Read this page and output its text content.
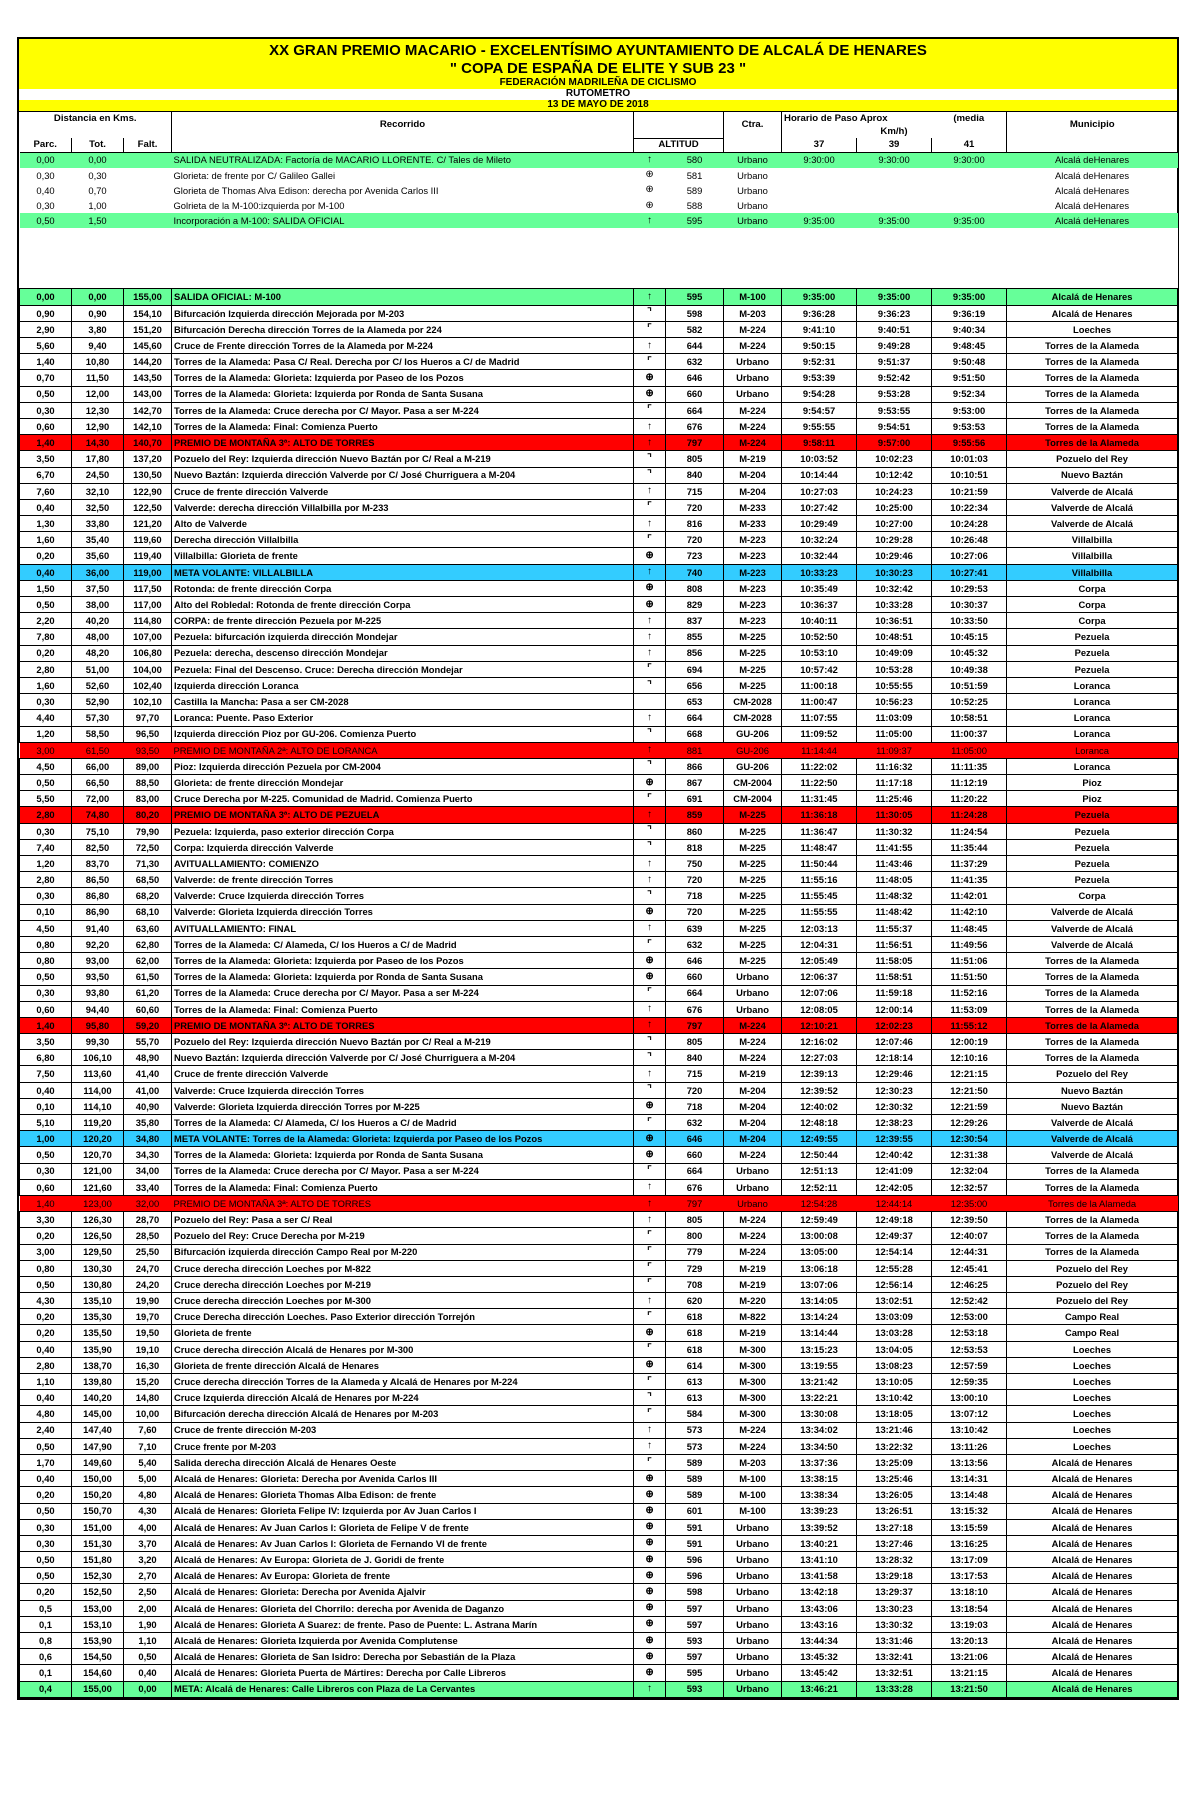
XX GRAN PREMIO MACARIO - EXCELENTÍSIMO AYUNTAMIENTO DE ALCALÁ DE HENARES
" COPA DE ESPAÑA DE ELITE Y SUB 23 "
FEDERACIÓN MADRILEÑA DE CICLISMO
RUTOMETRO
13 DE MAYO DE 2018
Distancia en Kms.			Recorrido			Ctra.	Horario de Paso Aprox		(media	Municipio
							Km/h)			
Parc.	Tot.	Falt.		ALTITUD			37	39	41	
0,00	0,00		SALIDA NEUTRALIZADA: Factoría de MACARIO LLORENTE. C/ Tales de Mileto	↑	580	Urbano	9:30:00	9:30:00	9:30:00	Alcalá deHenares
0,30	0,30		Glorieta: de frente por C/ Galileo Gallei	⊕	581	Urbano				Alcalá deHenares
0,40	0,70		Glorieta de Thomas Alva Edison: derecha por Avenida Carlos III	⊕	589	Urbano				Alcalá deHenares
0,30	1,00		Golrieta de la M-100:izquierda por M-100	⊕	588	Urbano				Alcalá deHenares
0,50	1,50		Incorporación a M-100: SALIDA OFICIAL	↑	595	Urbano	9:35:00	9:35:00	9:35:00	Alcalá deHenares

0,00	0,00	155,00	SALIDA OFICIAL: M-100	↑	595	M-100	9:35:00	9:35:00	9:35:00	Alcalá de Henares
0,90	0,90	154,10	Bifurcación Izquierda dirección Mejorada por M-203	⌝	598	M-203	9:36:28	9:36:23	9:36:19	Alcalá de Henares
2,90	3,80	151,20	Bifurcación Derecha dirección Torres de la Alameda por 224	⌜	582	M-224	9:41:10	9:40:51	9:40:34	Loeches
5,60	9,40	145,60	Cruce de Frente dirección Torres de la Alameda por M-224	↑	644	M-224	9:50:15	9:49:28	9:48:45	Torres de la Alameda
1,40	10,80	144,20	Torres de la Alameda: Pasa C/ Real. Derecha por C/ los Hueros a C/ de Madrid	⌜	632	Urbano	9:52:31	9:51:37	9:50:48	Torres de la Alameda
0,70	11,50	143,50	Torres de la Alameda: Glorieta: Izquierda por Paseo de los Pozos	⊕	646	Urbano	9:53:39	9:52:42	9:51:50	Torres de la Alameda
0,50	12,00	143,00	Torres de la Alameda: Glorieta: Izquierda por Ronda de Santa Susana	⊕	660	Urbano	9:54:28	9:53:28	9:52:34	Torres de la Alameda
0,30	12,30	142,70	Torres de la Alameda: Cruce derecha por C/ Mayor. Pasa a ser M-224	⌜	664	M-224	9:54:57	9:53:55	9:53:00	Torres de la Alameda
0,60	12,90	142,10	Torres de la Alameda: Final: Comienza Puerto	↑	676	M-224	9:55:55	9:54:51	9:53:53	Torres de la Alameda
1,40	14,30	140,70	PREMIO DE MONTAÑA 3ª: ALTO DE TORRES	↑	797	M-224	9:58:11	9:57:00	9:55:56	Torres de la Alameda
3,50	17,80	137,20	Pozuelo del Rey: Izquierda dirección Nuevo Baztán por C/ Real a M-219	⌝	805	M-219	10:03:52	10:02:23	10:01:03	Pozuelo del Rey
6,70	24,50	130,50	Nuevo Baztán: Izquierda dirección Valverde por C/ José Churriguera a M-204	⌝	840	M-204	10:14:44	10:12:42	10:10:51	Nuevo Baztán
7,60	32,10	122,90	Cruce de frente dirección Valverde	↑	715	M-204	10:27:03	10:24:23	10:21:59	Valverde de Alcalá
0,40	32,50	122,50	Valverde: derecha dirección Villalbilla por M-233	⌜	720	M-233	10:27:42	10:25:00	10:22:34	Valverde de Alcalá
1,30	33,80	121,20	Alto de Valverde	↑	816	M-233	10:29:49	10:27:00	10:24:28	Valverde de Alcalá
1,60	35,40	119,60	Derecha dirección Villalbilla	⌜	720	M-223	10:32:24	10:29:28	10:26:48	Villalbilla
0,20	35,60	119,40	Villalbilla: Glorieta de frente	⊕	723	M-223	10:32:44	10:29:46	10:27:06	Villalbilla
0,40	36,00	119,00	META VOLANTE: VILLALBILLA	↑	740	M-223	10:33:23	10:30:23	10:27:41	Villalbilla
1,50	37,50	117,50	Rotonda: de frente dirección Corpa	⊕	808	M-223	10:35:49	10:32:42	10:29:53	Corpa
0,50	38,00	117,00	Alto del Robledal: Rotonda de frente dirección Corpa	⊕	829	M-223	10:36:37	10:33:28	10:30:37	Corpa
2,20	40,20	114,80	CORPA: de frente dirección Pezuela por M-225	↑	837	M-223	10:40:11	10:36:51	10:33:50	Corpa
7,80	48,00	107,00	Pezuela: bifurcación izquierda dirección Mondejar	↑	855	M-225	10:52:50	10:48:51	10:45:15	Pezuela
0,20	48,20	106,80	Pezuela: derecha, descenso dirección Mondejar	↑	856	M-225	10:53:10	10:49:09	10:45:32	Pezuela
2,80	51,00	104,00	Pezuela: Final del Descenso. Cruce: Derecha dirección Mondejar	⌜	694	M-225	10:57:42	10:53:28	10:49:38	Pezuela
1,60	52,60	102,40	Izquierda dirección Loranca	⌝	656	M-225	11:00:18	10:55:55	10:51:59	Loranca
0,30	52,90	102,10	Castilla la Mancha: Pasa a ser CM-2028		653	CM-2028	11:00:47	10:56:23	10:52:25	Loranca
4,40	57,30	97,70	Loranca: Puente. Paso Exterior	↑	664	CM-2028	11:07:55	11:03:09	10:58:51	Loranca
1,20	58,50	96,50	Izquierda dirección Pioz por GU-206. Comienza Puerto	⌝	668	GU-206	11:09:52	11:05:00	11:00:37	Loranca
3,00	61,50	93,50	PREMIO DE MONTAÑA 2ª: ALTO DE LORANCA	↑	881	GU-206	11:14:44	11:09:37	11:05:00	Loranca
4,50	66,00	89,00	Pioz: Izquierda dirección Pezuela por CM-2004	⌝	866	GU-206	11:22:02	11:16:32	11:11:35	Loranca
0,50	66,50	88,50	Glorieta: de frente dirección Mondejar	⊕	867	CM-2004	11:22:50	11:17:18	11:12:19	Pioz
5,50	72,00	83,00	Cruce Derecha por M-225. Comunidad de Madrid. Comienza Puerto	⌜	691	CM-2004	11:31:45	11:25:46	11:20:22	Pioz
2,80	74,80	80,20	PREMIO DE MONTAÑA 3ª: ALTO DE PEZUELA	↑	859	M-225	11:36:18	11:30:05	11:24:28	Pezuela
0,30	75,10	79,90	Pezuela: Izquierda, paso exterior dirección Corpa	⌝	860	M-225	11:36:47	11:30:32	11:24:54	Pezuela
7,40	82,50	72,50	Corpa: Izquierda dirección Valverde	⌝	818	M-225	11:48:47	11:41:55	11:35:44	Pezuela
1,20	83,70	71,30	AVITUALLAMIENTO: COMIENZO	↑	750	M-225	11:50:44	11:43:46	11:37:29	Pezuela
2,80	86,50	68,50	Valverde: de frente dirección Torres	↑	720	M-225	11:55:16	11:48:05	11:41:35	Pezuela
0,30	86,80	68,20	Valverde: Cruce Izquierda dirección Torres	⌝	718	M-225	11:55:45	11:48:32	11:42:01	Corpa
0,10	86,90	68,10	Valverde: Glorieta Izquierda dirección Torres	⊕	720	M-225	11:55:55	11:48:42	11:42:10	Valverde de Alcalá
4,50	91,40	63,60	AVITUALLAMIENTO: FINAL	↑	639	M-225	12:03:13	11:55:37	11:48:45	Valverde de Alcalá
0,80	92,20	62,80	Torres de la Alameda: C/ Alameda, C/ los Hueros a C/ de Madrid	⌜	632	M-225	12:04:31	11:56:51	11:49:56	Valverde de Alcalá
0,80	93,00	62,00	Torres de la Alameda: Glorieta: Izquierda por Paseo de los Pozos	⊕	646	M-225	12:05:49	11:58:05	11:51:06	Torres de la Alameda
0,50	93,50	61,50	Torres de la Alameda: Glorieta: Izquierda por Ronda de Santa Susana	⊕	660	Urbano	12:06:37	11:58:51	11:51:50	Torres de la Alameda
0,30	93,80	61,20	Torres de la Alameda: Cruce derecha por C/ Mayor. Pasa a ser M-224	⌜	664	Urbano	12:07:06	11:59:18	11:52:16	Torres de la Alameda
0,60	94,40	60,60	Torres de la Alameda: Final: Comienza Puerto	↑	676	Urbano	12:08:05	12:00:14	11:53:09	Torres de la Alameda
1,40	95,80	59,20	PREMIO DE MONTAÑA 3ª: ALTO DE TORRES	↑	797	M-224	12:10:21	12:02:23	11:55:12	Torres de la Alameda
3,50	99,30	55,70	Pozuelo del Rey: Izquierda dirección Nuevo Baztán por C/ Real a M-219	⌝	805	M-224	12:16:02	12:07:46	12:00:19	Torres de la Alameda
6,80	106,10	48,90	Nuevo Baztán: Izquierda dirección Valverde por C/ José Churriguera a M-204	⌝	840	M-224	12:27:03	12:18:14	12:10:16	Torres de la Alameda
7,50	113,60	41,40	Cruce de frente dirección Valverde	↑	715	M-219	12:39:13	12:29:46	12:21:15	Pozuelo del Rey
0,40	114,00	41,00	Valverde: Cruce Izquierda dirección Torres	⌝	720	M-204	12:39:52	12:30:23	12:21:50	Nuevo Baztán
0,10	114,10	40,90	Valverde: Glorieta Izquierda dirección Torres por M-225	⊕	718	M-204	12:40:02	12:30:32	12:21:59	Nuevo Baztán
5,10	119,20	35,80	Torres de la Alameda: C/ Alameda, C/ los Hueros a C/ de Madrid	⌜	632	M-204	12:48:18	12:38:23	12:29:26	Valverde de Alcalá
1,00	120,20	34,80	META VOLANTE: Torres de la Alameda: Glorieta: Izquierda por Paseo de los Pozos	⊕	646	M-204	12:49:55	12:39:55	12:30:54	Valverde de Alcalá
0,50	120,70	34,30	Torres de la Alameda: Glorieta: Izquierda por Ronda de Santa Susana	⊕	660	M-224	12:50:44	12:40:42	12:31:38	Valverde de Alcalá
0,30	121,00	34,00	Torres de la Alameda: Cruce derecha por C/ Mayor. Pasa a ser M-224	⌜	664	Urbano	12:51:13	12:41:09	12:32:04	Torres de la Alameda
0,60	121,60	33,40	Torres de la Alameda: Final: Comienza Puerto	↑	676	Urbano	12:52:11	12:42:05	12:32:57	Torres de la Alameda
1,40	123,00	32,00	PREMIO DE MONTAÑA 3ª: ALTO DE TORRES	↑	797	Urbano	12:54:28	12:44:14	12:35:00	Torres de la Alameda
3,30	126,30	28,70	Pozuelo del Rey: Pasa a ser C/ Real	↑	805	M-224	12:59:49	12:49:18	12:39:50	Torres de la Alameda
0,20	126,50	28,50	Pozuelo del Rey: Cruce Derecha por M-219	⌜	800	M-224	13:00:08	12:49:37	12:40:07	Torres de la Alameda
3,00	129,50	25,50	Bifurcación izquierda dirección Campo Real por M-220	⌜	779	M-224	13:05:00	12:54:14	12:44:31	Torres de la Alameda
0,80	130,30	24,70	Cruce derecha dirección Loeches por M-822	⌜	729	M-219	13:06:18	12:55:28	12:45:41	Pozuelo del Rey
0,50	130,80	24,20	Cruce derecha dirección Loeches por M-219	⌜	708	M-219	13:07:06	12:56:14	12:46:25	Pozuelo del Rey
4,30	135,10	19,90	Cruce derecha dirección Loeches por M-300	↑	620	M-220	13:14:05	13:02:51	12:52:42	Pozuelo del Rey
0,20	135,30	19,70	Cruce Derecha dirección Loeches. Paso Exterior dirección Torrejón	⌜	618	M-822	13:14:24	13:03:09	12:53:00	Campo Real
0,20	135,50	19,50	Glorieta de frente	⊕	618	M-219	13:14:44	13:03:28	12:53:18	Campo Real
0,40	135,90	19,10	Cruce derecha dirección Alcalá de Henares por M-300	⌜	618	M-300	13:15:23	13:04:05	12:53:53	Loeches
2,80	138,70	16,30	Glorieta de frente dirección Alcalá de Henares	⊕	614	M-300	13:19:55	13:08:23	12:57:59	Loeches
1,10	139,80	15,20	Cruce derecha dirección Torres de la Alameda y Alcalá de Henares por M-224	⌜	613	M-300	13:21:42	13:10:05	12:59:35	Loeches
0,40	140,20	14,80	Cruce Izquierda dirección Alcalá de Henares por M-224	⌝	613	M-300	13:22:21	13:10:42	13:00:10	Loeches
4,80	145,00	10,00	Bifurcación derecha dirección Alcalá de Henares por M-203	⌜	584	M-300	13:30:08	13:18:05	13:07:12	Loeches
2,40	147,40	7,60	Cruce de frente dirección M-203	↑	573	M-224	13:34:02	13:21:46	13:10:42	Loeches
0,50	147,90	7,10	Cruce frente por M-203	↑	573	M-224	13:34:50	13:22:32	13:11:26	Loeches
1,70	149,60	5,40	Salida derecha dirección Alcalá de Henares Oeste	⌜	589	M-203	13:37:36	13:25:09	13:13:56	Alcalá de Henares
0,40	150,00	5,00	Alcalá de Henares: Glorieta: Derecha por Avenida Carlos III	⊕	589	M-100	13:38:15	13:25:46	13:14:31	Alcalá de Henares
0,20	150,20	4,80	Alcalá de Henares: Glorieta Thomas Alba Edison: de frente	⊕	589	M-100	13:38:34	13:26:05	13:14:48	Alcalá de Henares
0,50	150,70	4,30	Alcalá de Henares: Glorieta Felipe IV: Izquierda por Av Juan Carlos I	⊕	601	M-100	13:39:23	13:26:51	13:15:32	Alcalá de Henares
0,30	151,00	4,00	Alcalá de Henares: Av Juan Carlos I: Glorieta de Felipe V de frente	⊕	591	Urbano	13:39:52	13:27:18	13:15:59	Alcalá de Henares
0,30	151,30	3,70	Alcalá de Henares: Av Juan Carlos I: Glorieta de Fernando VI de frente	⊕	591	Urbano	13:40:21	13:27:46	13:16:25	Alcalá de Henares
0,50	151,80	3,20	Alcalá de Henares: Av Europa: Glorieta de J. Goridi de frente	⊕	596	Urbano	13:41:10	13:28:32	13:17:09	Alcalá de Henares
0,50	152,30	2,70	Alcalá de Henares: Av Europa: Glorieta de frente	⊕	596	Urbano	13:41:58	13:29:18	13:17:53	Alcalá de Henares
0,20	152,50	2,50	Alcalá de Henares: Glorieta: Derecha por Avenida Ajalvir	⊕	598	Urbano	13:42:18	13:29:37	13:18:10	Alcalá de Henares
0,5	153,00	2,00	Alcalá de Henares: Glorieta del Chorrilo: derecha por Avenida de Daganzo	⊕	597	Urbano	13:43:06	13:30:23	13:18:54	Alcalá de Henares
0,1	153,10	1,90	Alcalá de Henares: Glorieta A Suarez: de frente. Paso de Puente: L. Astrana Marín	⊕	597	Urbano	13:43:16	13:30:32	13:19:03	Alcalá de Henares
0,8	153,90	1,10	Alcalá de Henares: Glorieta Izquierda por Avenida Complutense	⊕	593	Urbano	13:44:34	13:31:46	13:20:13	Alcalá de Henares
0,6	154,50	0,50	Alcalá de Henares: Glorieta de San Isidro: Derecha por Sebastián de la Plaza	⊕	597	Urbano	13:45:32	13:32:41	13:21:06	Alcalá de Henares
0,1	154,60	0,40	Alcalá de Henares: Glorieta Puerta de Mártires: Derecha por Calle Libreros	⊕	595	Urbano	13:45:42	13:32:51	13:21:15	Alcalá de Henares
0,4	155,00	0,00	META: Alcalá de Henares: Calle Libreros con Plaza de La Cervantes	↑	593	Urbano	13:46:21	13:33:28	13:21:50	Alcalá de Henares
